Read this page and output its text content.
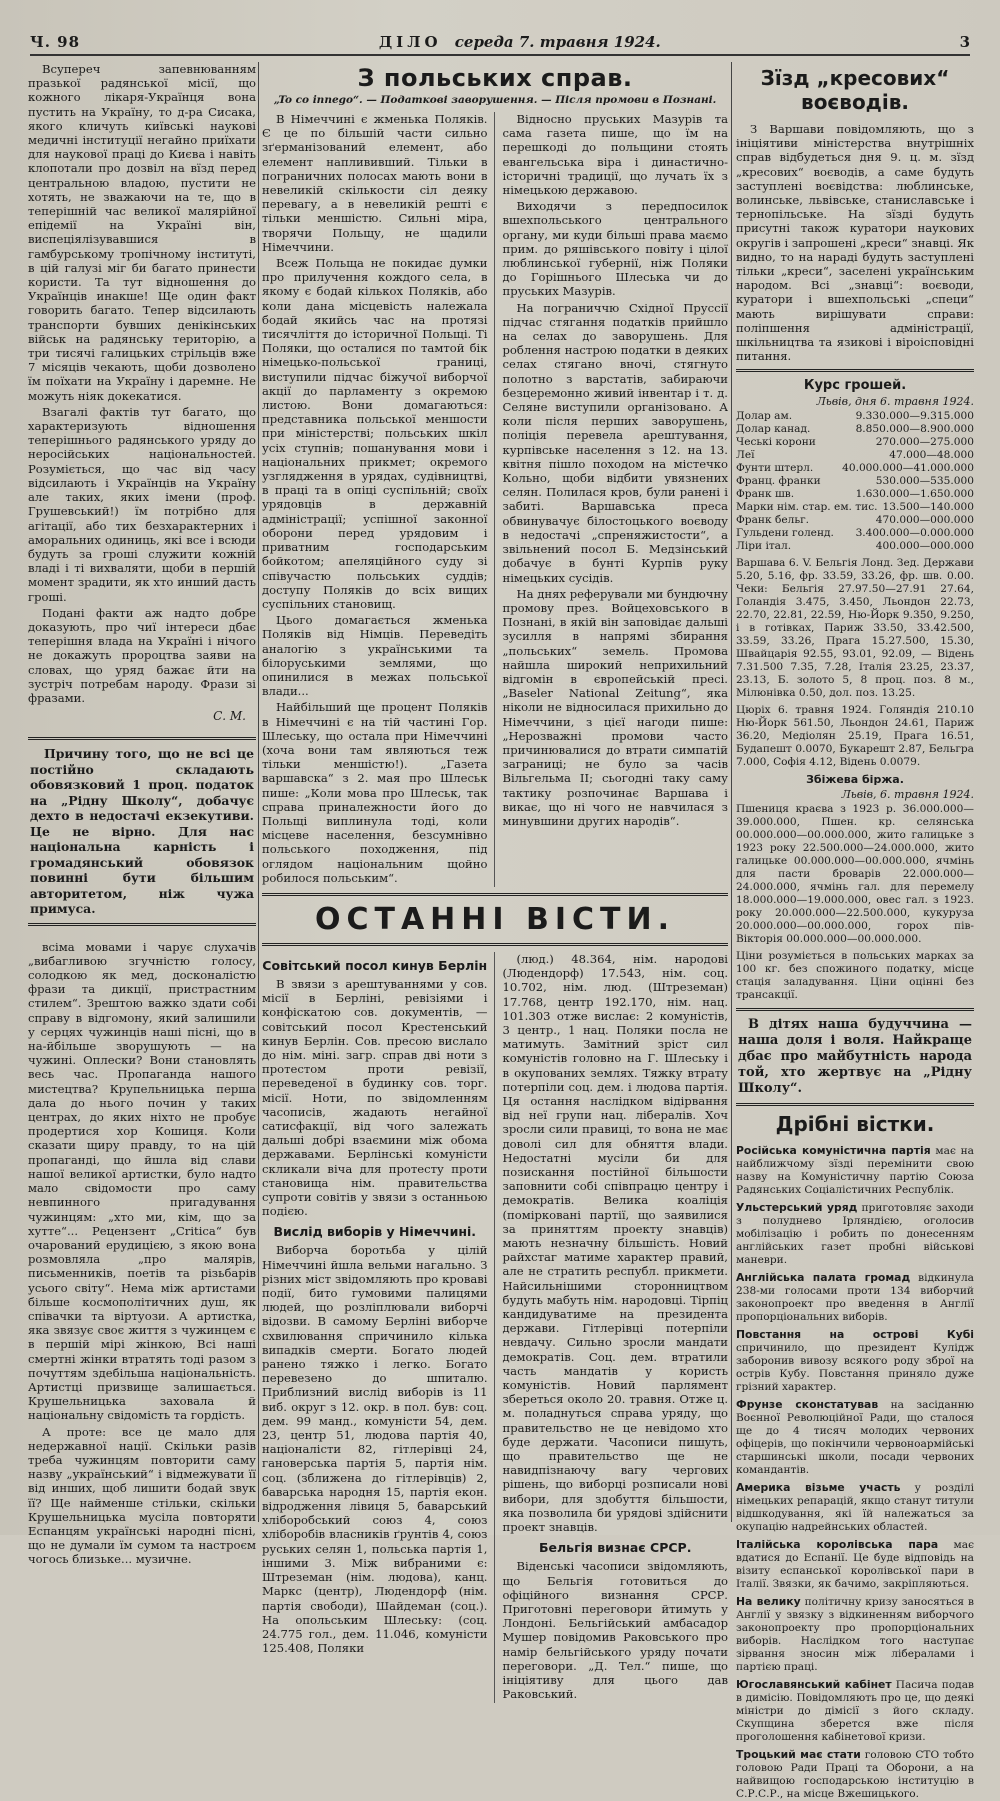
Ч. 98	ДІЛО середа 7. травня 1924.	3

Всупереч запевнюванням празької радянської місії, що кожного лікаря-Українця вона пустить на Україну, то д-ра Сисака, якого кличуть київські наукові медичні інституції негайно приїхати для наукової праці до Києва і навіть клопотали про дозвіл на вїзд перед центральною владою, пустити не хотять, не зважаючи на те, що в теперішній час великої малярійної епідемії на Україні він, виспеціялізувавшися в гамбурському тропічному інституті, в цій галузі міг би багато принести користи. Та тут відношення до Українців инакше! Ще один факт говорить багато. Тепер відсилають транспорти бувших денікінських військ на радянську територію, а три тисячі галицьких стрільців вже 7 місяців чекають, щоби дозволено їм поїхати на Україну і даремне. Не можуть ніяк докекатися.

Взагалі фактів тут багато, що характеризують відношення теперішнього радянського уряду до неросійських національностей. Розуміється, що час від часу відсилають і Українців на Україну але таких, яких імени (проф. Грушевський!) їм потрібно для агітації, або тих безхарактерних і аморальних одиниць, які все і всюди будуть за гроші служити кожній владі і ті вихваляти, щоби в першій момент зрадити, як хто инший дасть гроші.

Подані факти аж надто добре доказують, про чиї інтереси дбає теперішня влада на Україні і нічого не докажуть пророцтва заяви на словах, що уряд бажає йти на зустріч потребам народу. Фрази зі фразами.

С. М.

Причину того, що не всі це постійно складають обовязковий 1 проц. податок на „Рідну Школу“, добачує дехто в недостачі екзекутиви. Це не вірно. Для нас національна карність і громадянський обовязок повинні бути більшим авторитетом, ніж чужа примуса.

всіма мовами і чарує слухачів „вибагливою згучністю голосу, солодкою як мед, досконалістю фрази та дикції, пристрастним стилем“. Зрештою важко здати собі справу в відгомону, який залишили у серцях чужинців наші пісні, що в на-йбільше зворушують — на чужині. Оплески? Вони становлять весь час. Пропаганда нашого мистецтва? Крупельницька перша дала до нього почин у таких центрах, до яких ніхто не пробує продертися хор Кошиця. Коли сказати щиру правду, то на цій пропаганді, що йшла від слави нашої великої артистки, було надто мало свідомости про саму невпинного пригадування чужинцям: „хто ми, кім, що за хутте“... Рецензент „Critica“ був очарований ерудицією, з якою вона розмовляла „про малярів, письменників, поетів та різьбарів усього світу“. Нема між артистами більше космополітичних душ, як співачки та віртуози. А артистка, яка звязує своє життя з чужинцем є в першій мірі жінкою, Всі наші смертні жінки втратять тоді разом з почуттям здебільша національність. Артистці призвище залишається. Крушельницька заховала й національну свідомість та гордість.

А проте: все це мало для недержавної нації. Скільки разів треба чужинцям повторити саму назву „український“ і відмежувати її від инших, щоб лишити бодай звук її? Ще найменше стільки, скільки Крушельницька мусіла повторяти Еспанцям українські народні пісні, що не думали їм сумом та настроєм чогось близьке... музичне.

З польських справ.
„To co innego“. — Податкові заворушення. — Після промови в Познані.

В Німеччині є жменька Поляків. Є це по більшій части сильно зґерманізований елемент, або елемент наплививший. Тільки в пограничних полосах мають вони в невеликій скількости сіл деяку перевагу, а в невеликій решті є тільки меншістю. Сильні міра, творячи Польщу, не щадили Німеччини.

Всеж Польща не покидає думки про прилучення кождого села, в якому є бодай кількох Поляків, або коли дана місцевість належала бодай якийсь час на протязі тисячліття до історичної Польщі. Ті Поляки, що осталися по тамтой бік німецько-польської границі, виступили підчас біжучої виборчої акції до парламенту з окремою листою. Вони домагаються: представника польської меншости при міністерстві; польських шкіл усіх ступнів; пошанування мови і національних прикмет; окремого узглядження в урядах, судівництві, в праці та в опіці суспільній; своїх урядовців в державній адміністрації; успішної законної оборони перед урядовим і приватним господарським бойкотом; апеляційного суду зі співучастю польських суддів; доступу Поляків до всіх вищих суспільних становищ.

Цього домагається жменька Поляків від Німців. Переведіть аналогію з українськими та білоруськими землями, що опинилися в межах польської влади...

Найбільший ще процент Поляків в Німеччині є на тій частині Гор. Шлеську, що остала при Німеччині (хоча вони там являються теж тільки меншістю!). „Газета варшавска“ з 2. мая про Шлеськ пише: „Коли мова про Шлеськ, так справа приналежности його до Польщі виплинула тоді, коли місцеве населення, безсумнівно польського походження, під оглядом національним щойно робилося польським“.

Відносно пруських Мазурів та сама газета пише, що їм на перешкоді до польщини стоять евангельська віра і династично-історичні традиції, що лучать їх з німецькою державою.

Виходячи з передпосилок вшехпольського центрального органу, ми куди більші права маємо прим. до ряшівського повіту і цілої люблинської губернії, ніж Поляки до Горішнього Шлеська чи до пруських Мазурів.

На пограниччю Східної Пруссії підчас стягання податків прийшло на селах до заворушень. Для роблення настрою податки в деяких селах стягано вночі, стягнуто полотно з варстатів, забираючи безцеремонно живий інвентар і т. д. Селяне виступили організовано. А коли після перших заворушень, поліція перевела арештування, курпівське населення з 12. на 13. квітня пішло походом на містечко Кольно, щоби відбити увязнених селян. Полилася кров, були ранені і забиті. Варшавська преса обвинувачує білостоцького воєводу в недостачі „спреняжистости“, а звільнений посол Б. Медзінський добачує в бунті Курпів руку німецьких сусідів.

На днях реферували ми бундючну промову през. Войцеховського в Познані, в якій він заповідає дальші зусилля в напрямі збирання „польських“ земель. Промова найшла широкий неприхильний відгомін в європейській пресі. „Baseler National Zeitung“, яка ніколи не відносилася прихильно до Німеччини, з цієї нагоди пише: „Нерозважні промови часто причинювалися до втрати симпатій заграниці; не було за часів Вільгельма II; сьогодні таку саму тактику розпочинає Варшава і викає, що ні чого не навчилася з минувшини других народів“.

ОСТАННІ ВІСТИ.
Совітський посол кинув Берлін

В звязи з арештуваннями у сов. місії в Берліні, ревізіями і конфіскатою сов. документів, — совітський посол Крестенський кинув Берлін. Сов. пресою вислало до нім. міні. загр. справ дві ноти з протестом проти ревізії, переведеної в будинку сов. торг. місії. Ноти, по звідомленням часописів, жадають негайної сатисфакції, від чого залежать дальші добрі взаємини між обома державами. Берлінські комуністи скликали віча для протесту проти становища нім. правительства супроти совітів у звязи з останньою подією.

Вислід виборів у Німеччині.

Виборча боротьба у цілій Німеччині йшла вельми нагально. З різних міст звідомляють про кроваві події, бито гумовими палицями людей, що розліплювали виборчі відозви. В самому Берліні виборче схвилювання спричинило кілька випадків смерти. Богато людей ранено тяжко і легко. Богато перевезено до шпиталю. Приблизний вислід виборів із 11 виб. округ з 12. окр. в пол. був: соц. дем. 99 манд., комуністи 54, дем. 23, центр 51, людова партія 40, націоналісти 82, гітлерівці 24, гановерська партія 5, партія нім. соц. (зближена до гітлерівців) 2, баварська народня 15, партія екон. відродження лівиця 5, баварський хліборобський союз 4, союз хліборобів власників ґрунтів 4, союз руських селян 1, польська партія 1, іншими 3. Між вибраними є: Штреземан (нім. людова), канц. Маркс (центр), Людендорф (нім. партія свободи), Шайдеман (соц.). На опольським Шлеську: (соц. 24.775 гол., дем. 11.046, комуністи 125.408, Поляки

(люд.) 48.364, нім. народові (Людендорф) 17.543, нім. соц. 10.702, нім. люд. (Штреземан) 17.768, центр 192.170, нім. нац. 101.303 отже вислає: 2 комуністів, 3 центр., 1 нац. Поляки посла не матимуть. Замітний зріст сил комуністів головно на Г. Шлеську і в окупованих землях. Тяжку втрату потерпіли соц. дем. і людова партія. Ця остання наслідком відірвання від неї групи нац. лібералів. Хоч зросли сили правиці, то вона не має доволі сил для обняття влади. Недостатні мусіли би для позискання постійної більшости заповнити собі співпрацю центру і демократів. Велика коаліція (помірковані партії, що заявилися за приняттям проекту знавців) мають незначну більшість. Новий райхстаг матиме характер правий, але не стратить республ. прикмети. Найсильнішими сторонництвом будуть мабуть нім. народовці. Тірпіц кандидуватиме на президента держави. Гітлерівці потерпіли невдачу. Сильно зросли мандати демократів. Соц. дем. втратили часть мандатів у користь комуністів. Новий парлямент збереться около 20. травня. Отже ц. м. поладнуться справа уряду, що правительство не це невідомо хто буде держати. Часописи пишуть, що правительство ще не навидпізнаючу вагу чергових рішень, що виборці розписали нові вибори, для здобуття більшости, яка позволила би урядові здійснити проект знавців.

Бельгія визнає СРСР.

Віденські часописи звідомляють, що Бельгія готовиться до офіційного визнання СРСР. Приготовні переговори йтимуть у Лондоні. Бельгійський амбасадор Мушер повідомив Раковського про намір бельгійського уряду почати переговори. „Д. Тел.“ пише, що ініціятиву для цього дав Раковський.

Зїзд „кресових“ воєводів.

З Варшави повідомляють, що з ініціятиви міністерства внутрішніх справ відбудеться дня 9. ц. м. зїзд „кресових“ воєводів, а саме будуть заступлені воєвідства: люблинське, волинське, львівське, станиславське і тернопільське. На зїзді будуть присутні також куратори наукових округів і запрошені „креси“ знавці. Як видно, то на нараді будуть заступлені тільки „креси“, заселені українським народом. Всі „знавці“: воєводи, куратори і вшехпольські „специ“ мають вирішувати справи: поліпшення адміністрації, шкільництва та язикові і віроісповідні питання.

Курс грошей.
Львів, дня 6. травня 1924.
Долар ам.	9.330.000—9.315.000
Долар канад.	8.850.000—8.900.000
Чеські корони	270.000—275.000
Леї	47.000—48.000
Фунти штерл.	40.000.000—41.000.000
Франц. франки	530.000—535.000
Франк шв.	1.630.000—1.650.000
Марки нім. стар. ем. тис. 13.500—140.000
Франк бельг.	470.000—000.000
Гульдени голенд. 3.400.000—0.000.000
Ліри італ.	400.000—000.000

Варшава 6. V. Бельгія Лонд. Зед. Держави 5.20, 5.16, фр. 33.59, 33.26, фр. шв. 0.00. Чеки: Бельгія 27.97.50—27.91 27.64, Голандія 3.475, 3.450, Льондон 22.73, 22.70, 22.81, 22.59, Ню-Йорк 9.350, 9.250, і в готівках, Париж 33.50, 33.42.500, 33.59, 33.26, Прага 15.27.500, 15.30, Швайцарія 92.55, 93.01, 92.09, — Відень 7.31.500 7.35, 7.28, Італія 23.25, 23.37, 23.13, Б. золото 5, 8 проц. поз. 8 м., Мілюнівка 0.50, дол. поз. 13.25.

Цюріх 6. травня 1924. Голяндія 210.10 Ню-Йорк 561.50, Льондон 24.61, Париж 36.20, Медіолян 25.19, Прага 16.51, Будапешт 0.0070, Букарешт 2.87, Бельгра 7.000, Софія 4.12, Відень 0.0079.

Збіжева біржа.
Львів, 6. травня 1924.

Пшениця краєва з 1923 р. 36.000.000—39.000.000, Пшен. кр. селянська 00.000.000—00.000.000, жито галицьке з 1923 року 22.500.000—24.000.000, жито галицьке 00.000.000—00.000.000, ячмінь для пасти броварів 22.000.000—24.000.000, ячмінь гал. для перемелу 18.000.000—19.000.000, овес гал. з 1923. року 20.000.000—22.500.000, кукуруза 20.000.000—00.000.000, горох пів-Вікторія 00.000.000—00.000.000.

Ціни розуміється в польських марках за 100 кг. без спожиного податку, місце стація заладування. Ціни оцінні без трансакції.

В дітях наша будуччина — наша доля і воля. Найкраще дбає про майбутність народа той, хто жертвує на „Рідну Школу“.

Дрібні вістки.

Російська комуністична партія має на найближчому зїзді перемінити свою назву на Комуністичну партію Союза Радянських Соціалістичних Республік.

Ульстерський уряд приготовляє заходи з полуднево Ірляндією, оголосив мобілізацію і робить по донесенням англійських газет пробні військові маневри.

Англійська палата громад відкинула 238-ми голосами проти 134 виборчий законопроект про введення в Англії пропорціональних виборів.

Повстання на острові Кубі спричинило, що президент Кулідж заборонив вивозу всякого роду зброї на острів Кубу. Повстання приняло дуже грізний характер.

Фрунзе сконстатував на засіданню Воєнної Революційної Ради, що сталося ще до 4 тисяч молодих червоних офіцерів, що покінчили червоноармійські старшинські школи, посади червоних командантів.

Америка візьме участь у розділі німецьких репарацій, якщо станут титули відшкодування, які їй належаться за окупацію надрейнських областей.

Італійська королівська пара має вдатися до Еспанії. Це буде відповідь на візиту еспанської королівської пари в Італії. Звязки, як бачимо, закріпляються.

На велику політичну кризу заносяться в Англії у звязку з відкиненням виборчого законопроекту про пропорціональних виборів. Наслідком того наступає зірвання зносин між лібералами і партією праці.

Югославянський кабінет Пасича подав в димісію. Повідомляють про це, що деякі міністри до дімісії з його складу. Скупщина зберется вже після проголошення кабінетової кризи.

Троцький має стати головою СТО тобто головою Ради Праці та Оборони, а на найвищою господарською інституцію в С.Р.С.Р., на місце Вжешицького.
